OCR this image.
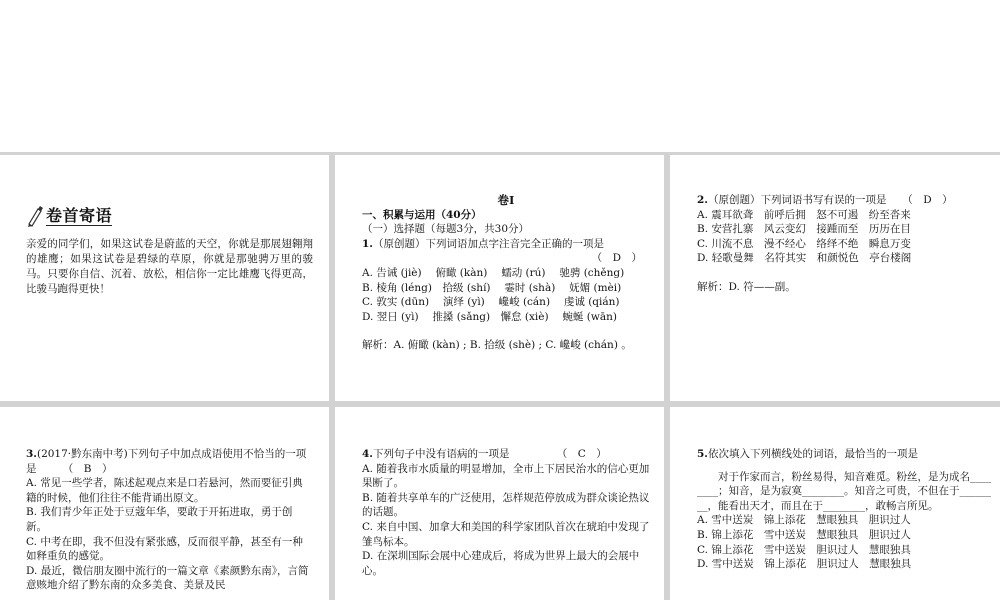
卷首寄语
亲爱的同学们，如果这试卷是蔚蓝的天空，你就是那展翅翱翔的雄鹰；如果这试卷是碧绿的草原，你就是那驰骋万里的骏马。只要你自信、沉着、放松，相信你一定比雄鹰飞得更高，比骏马跑得更快！
卷Ⅰ
一、积累与运用（40分）
（一）选择题（每题3分，共30分）
1.（原创题）下列词语加点字注音完全正确的一项是
（　D　）
A. 告诫 (jiè)　 俯瞰 (kàn)　 蠕动 (rú)　 驰骋 (chěng)
B. 棱角 (léng)　拾级 (shí)　 霎时 (shà)　 妩媚 (mèi)
C. 敦实 (dūn)　 演绎 (yì)　 巉峻 (cán)　 虔诚 (qián)
D. 翌日 (yì)　 推搡 (sǎng)　懈怠 (xiè)　 蜿蜒 (wān)
解析：A. 俯瞰 (kàn) ; B. 拾级 (shè) ; C. 巉峻 (chán) 。
2.（原创题）下列词语书写有误的一项是　　 （　D　）
A. 震耳欲聋　前呼后拥　怒不可遏　纷至沓来
B. 安营扎寨　风云变幻　接踵而至　历历在目
C. 川流不息　漫不经心　络绎不绝　瞬息万变
D. 轻歌曼舞　名符其实　和颜悦色　亭台楼阁
解析：D. 符——副。
3.(2017·黔东南中考)下列句子中加点成语使用不恰当的一项是　　　	（　B　）
A. 常见一些学者，陈述起观点来是口若悬河，然而要征引典籍的时候，他们往往不能背诵出原文。
B. 我们青少年正处于豆蔻年华，要敢于开拓进取，勇于创新。
C. 中考在即，我不但没有紧张感，反而很平静，甚至有一种如释重负的感觉。
D. 最近，微信朋友圈中流行的一篇文章《素颜黔东南》，言简意赅地介绍了黔东南的众多美食、美景及民
4.下列句子中没有语病的一项是　　　　　	（　C　）
A. 随着我市水质量的明显增加，全市上下居民治水的信心更加果断了。
B. 随着共享单车的广泛使用，怎样规范停放成为群众谈论热议的话题。
C. 来自中国、加拿大和美国的科学家团队首次在琥珀中发现了雏鸟标本。
D. 在深圳国际会展中心建成后，将成为世界上最大的会展中心。
5.依次填入下列横线处的词语，最恰当的一项是
　　对于作家而言，粉丝易得，知音难觅。粉丝，是为成名________；知音，是为寂寞________。知音之可贵，不但在于________，能看出天才，而且在于________，敢畅言所见。
A. 雪中送炭　锦上添花　慧眼独具　胆识过人
B. 锦上添花　雪中送炭　慧眼独具　胆识过人
C. 锦上添花　雪中送炭　胆识过人　慧眼独具
D. 雪中送炭　锦上添花　胆识过人　慧眼独具
